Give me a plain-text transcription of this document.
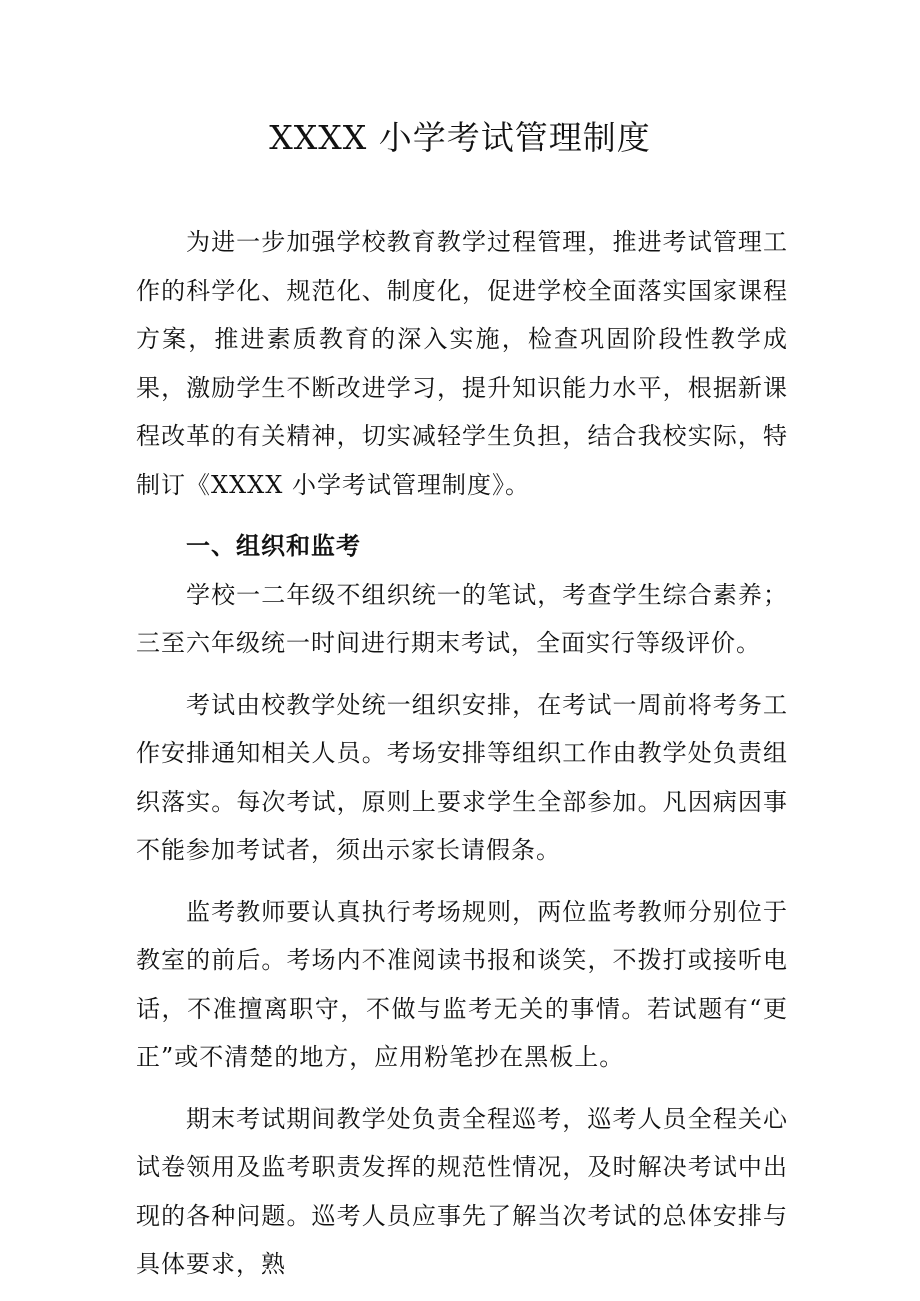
XXXX 小学考试管理制度

为进一步加强学校教育教学过程管理，推进考试管理工作的科学化、规范化、制度化，促进学校全面落实国家课程方案，推进素质教育的深入实施，检查巩固阶段性教学成果，激励学生不断改进学习，提升知识能力水平，根据新课程改革的有关精神，切实减轻学生负担，结合我校实际，特制订《XXXX 小学考试管理制度》。

一、组织和监考

学校一二年级不组织统一的笔试，考查学生综合素养；三至六年级统一时间进行期末考试，全面实行等级评价。

考试由校教学处统一组织安排，在考试一周前将考务工作安排通知相关人员。考场安排等组织工作由教学处负责组织落实。每次考试，原则上要求学生全部参加。凡因病因事不能参加考试者，须出示家长请假条。

监考教师要认真执行考场规则，两位监考教师分别位于教室的前后。考场内不准阅读书报和谈笑，不拨打或接听电话，不准擅离职守，不做与监考无关的事情。若试题有“更正”或不清楚的地方，应用粉笔抄在黑板上。

期末考试期间教学处负责全程巡考，巡考人员全程关心试卷领用及监考职责发挥的规范性情况，及时解决考试中出现的各种问题。巡考人员应事先了解当次考试的总体安排与具体要求，熟
